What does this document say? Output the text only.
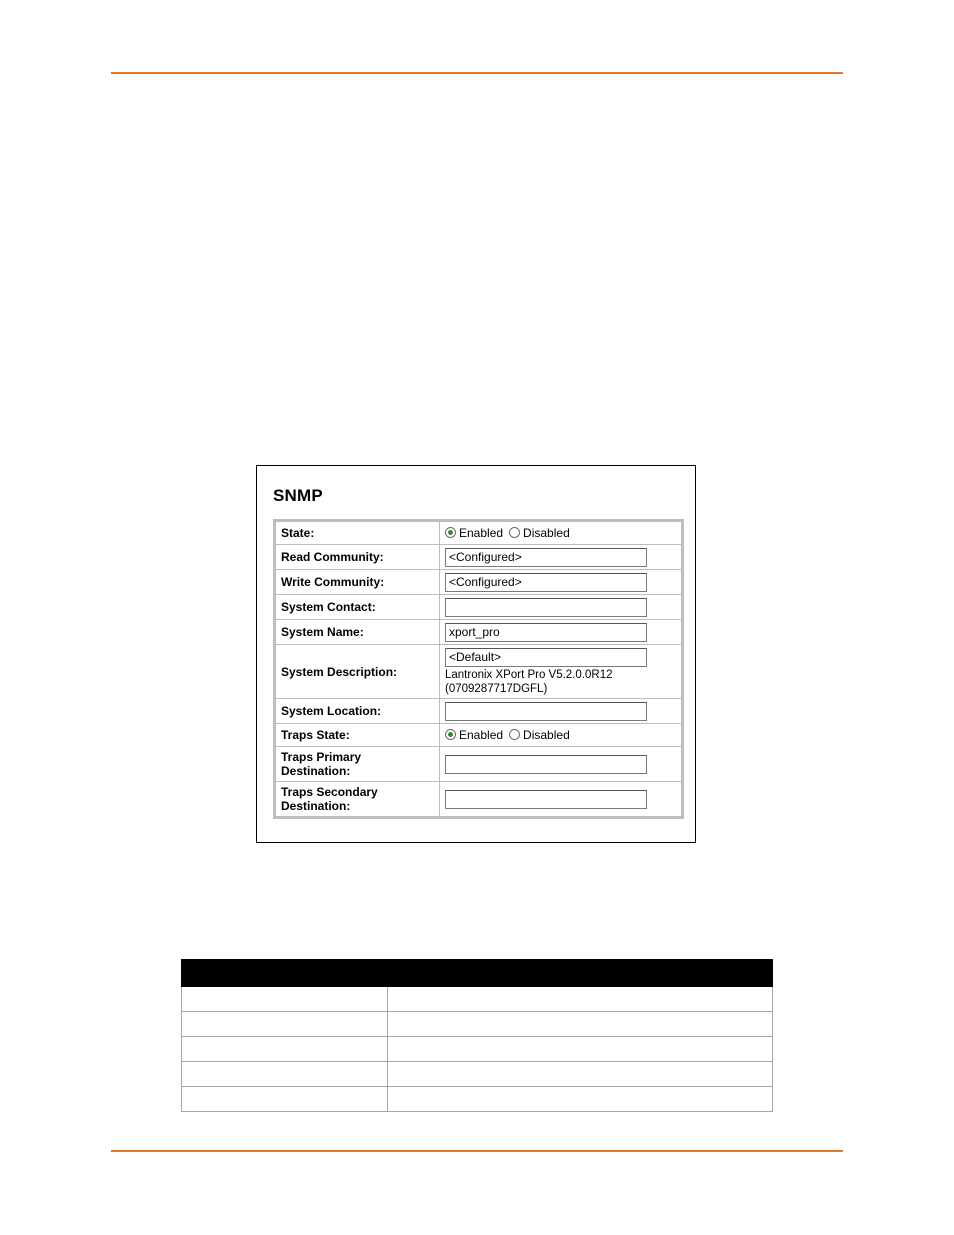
SNMP
State:	Enabled Disabled

Read Community:	<Configured>

Write Community:	<Configured>

System Contact:	

System Name:	xport_pro

System Description:	<Default>
Lantronix XPort Pro V5.2.0.0R12
(0709287717DGFL)

System Location:	

Traps State:	Enabled Disabled

Traps Primary
Destination:	

Traps Secondary
Destination:	
